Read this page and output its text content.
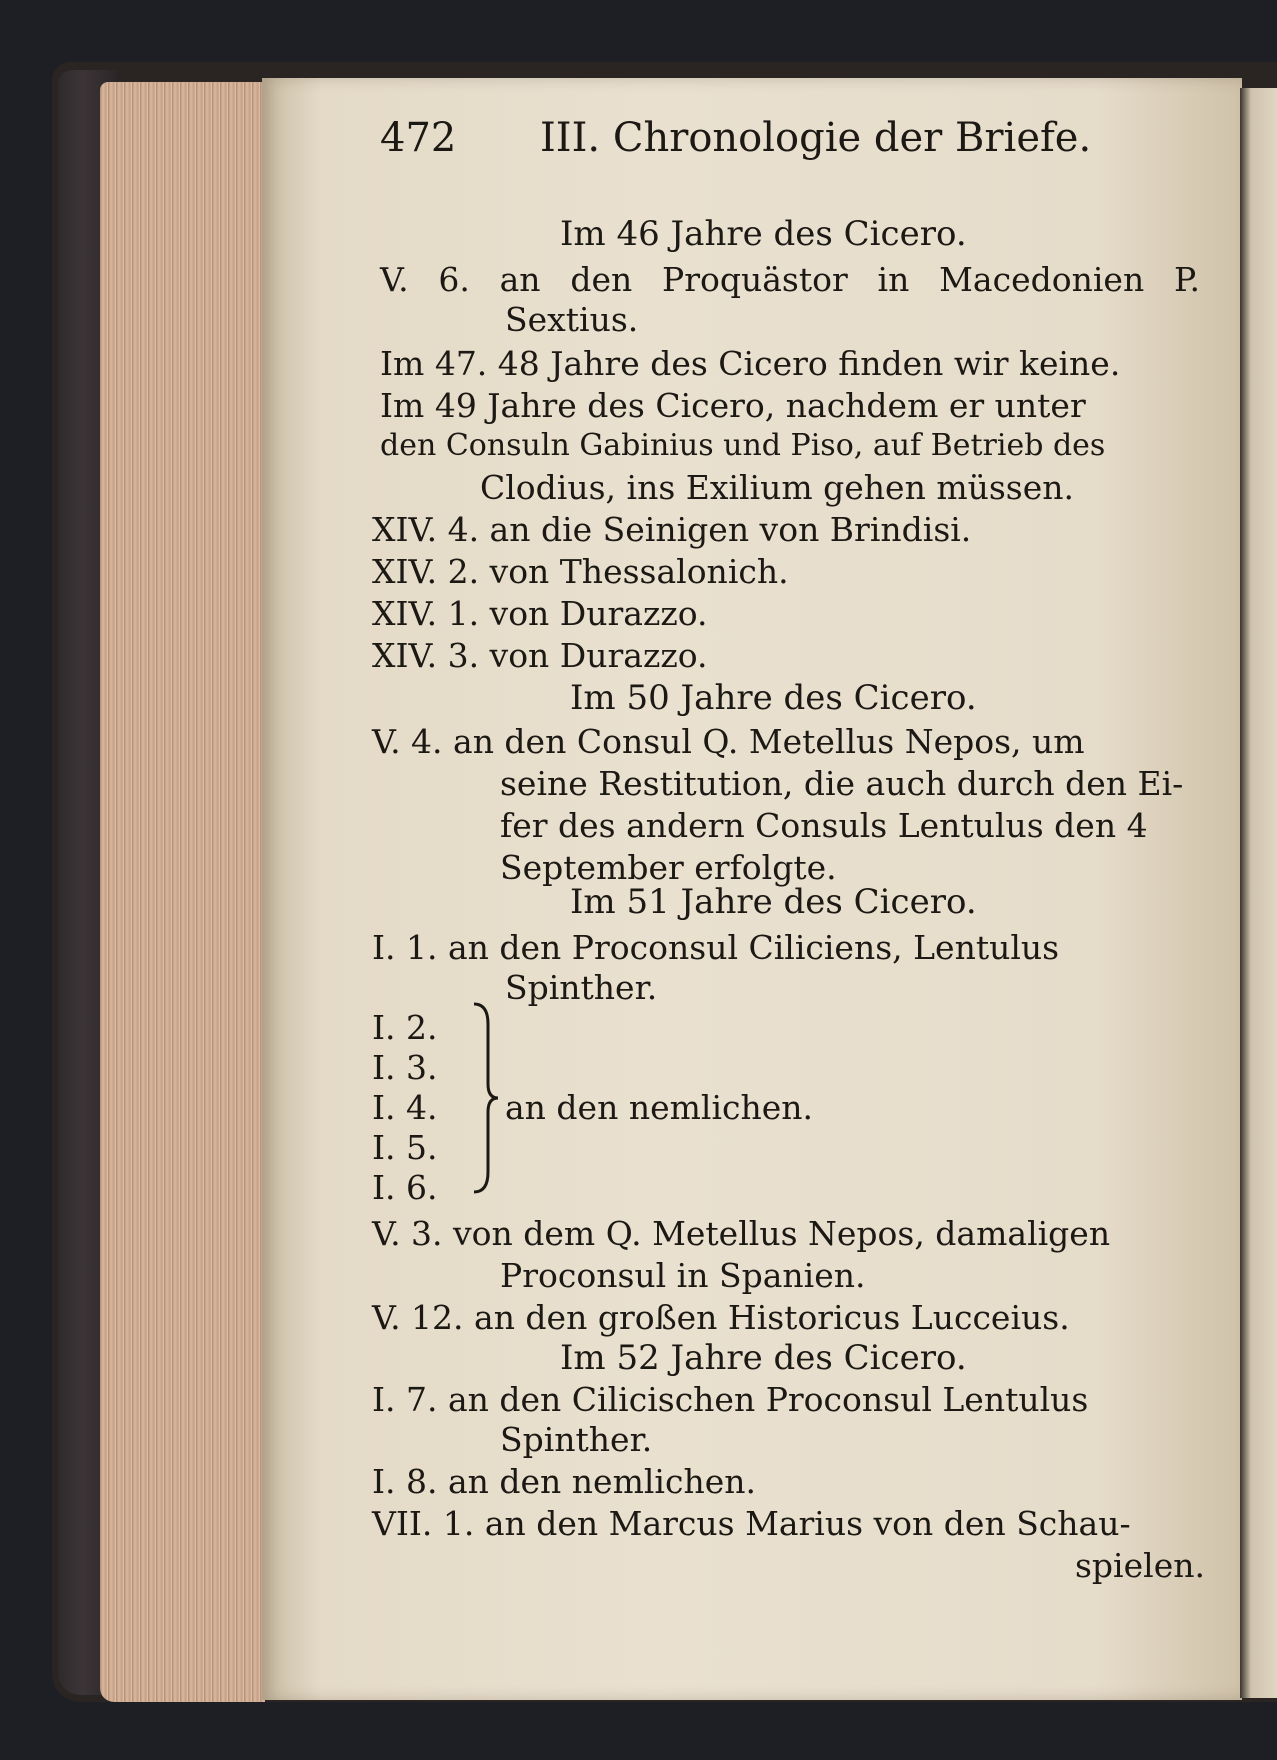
472 III. Chronologie der Briefe.
Im 46 Jahre des Cicero.
V. 6. an den Proquästor in Macedonien P.
Sextius.
Im 47. 48 Jahre des Cicero finden wir keine.
Im 49 Jahre des Cicero, nachdem er unter
den Consuln Gabinius und Piso, auf Betrieb des
Clodius, ins Exilium gehen müssen.
XIV. 4. an die Seinigen von Brindisi.
XIV. 2. von Thessalonich.
XIV. 1. von Durazzo.
XIV. 3. von Durazzo.
Im 50 Jahre des Cicero.
V. 4. an den Consul Q. Metellus Nepos, um
seine Restitution, die auch durch den Ei-
fer des andern Consuls Lentulus den 4
September erfolgte.
Im 51 Jahre des Cicero.
I. 1. an den Proconsul Ciliciens, Lentulus
Spinther.
I. 2.
I. 3.
I. 4.
I. 5.
I. 6.
an den nemlichen.
V. 3. von dem Q. Metellus Nepos, damaligen
Proconsul in Spanien.
V. 12. an den großen Historicus Lucceius.
Im 52 Jahre des Cicero.
I. 7. an den Cilicischen Proconsul Lentulus
Spinther.
I. 8. an den nemlichen.
VII. 1. an den Marcus Marius von den Schau-
spielen.
